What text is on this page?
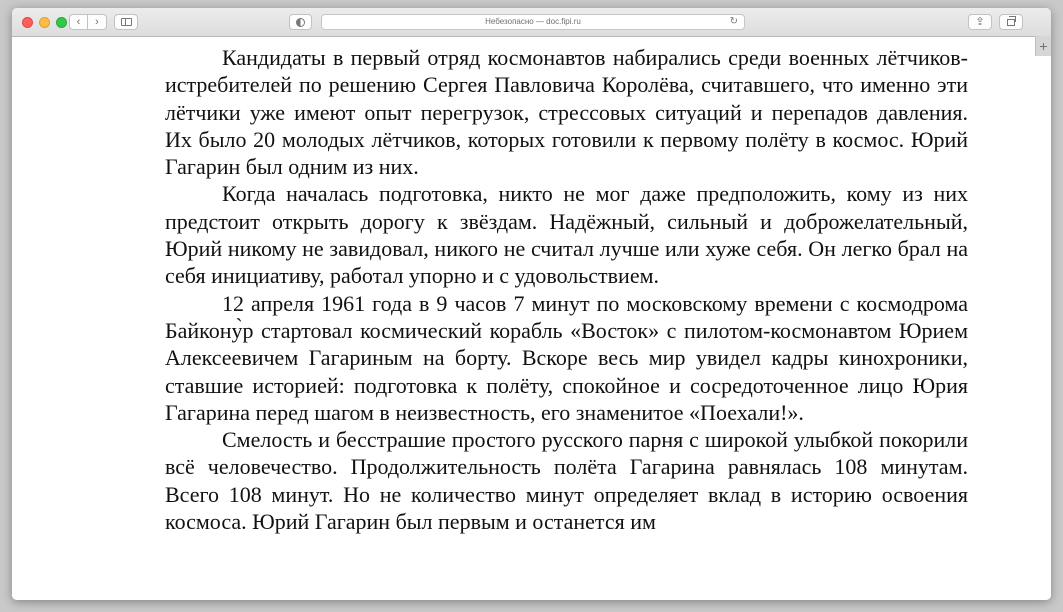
‹ ›	Небезопасно — doc.fipi.ru	↻	⇪

Кандидаты в первый отряд космонавтов набирались среди военных лётчиков-истребителей по решению Сергея Павловича Королёва, считавшего, что именно эти лётчики уже имеют опыт перегрузок, стрессовых ситуаций и перепадов давления. Их было 20 молодых лётчиков, которых готовили к первому полёту в космос. Юрий Гагарин был одним из них.

Когда началась подготовка, никто не мог даже предположить, кому из них предстоит открыть дорогу к звёздам. Надёжный, сильный и доброжелательный, Юрий никому не завидовал, никого не считал лучше или хуже себя. Он легко брал на себя инициативу, работал упорно и с удовольствием.

12 апреля 1961 года в 9 часов 7 минут по московскому времени с космодрома Байкону̀р стартовал космический корабль «Восток» с пилотом-космонавтом Юрием Алексеевичем Гагариным на борту. Вскоре весь мир увидел кадры кинохроники, ставшие историей: подготовка к полёту, спокойное и сосредоточенное лицо Юрия Гагарина перед шагом в неизвестность, его знаменитое «Поехали!».

Смелость и бесстрашие простого русского парня с широкой улыбкой покорили всё человечество. Продолжительность полёта Гагарина равнялась 108 минутам. Всего 108 минут. Но не количество минут определяет вклад в историю освоения космоса. Юрий Гагарин был первым и останется им

+
